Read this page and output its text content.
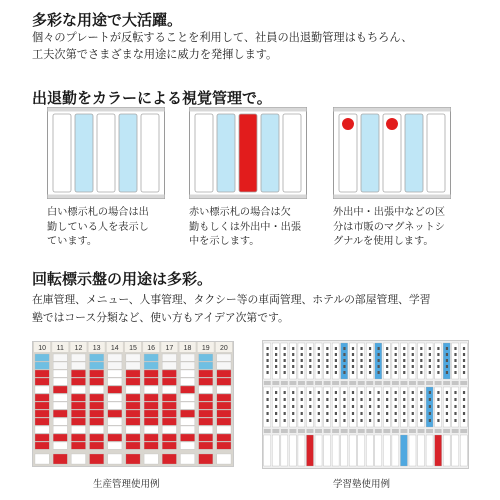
多彩な用途で大活躍。
個々のプレートが反転することを利用して、社員の出退勤管理はもちろん、
工夫次第でさまざまな用途に威力を発揮します。
出退勤をカラーによる視覚管理で。
白い標示札の場合は出
勤している人を表示し
ています。
赤い標示札の場合は欠
勤もしくは外出中・出張
中を示します。
外出中・出張中などの区
分は市販のマグネットシ
グナルを使用します。
回転標示盤の用途は多彩。
在庫管理、メニュー、人事管理、タクシー等の車両管理、ホテルの部屋管理、学習
塾ではコース分類など、使い方もアイデア次第です。
10 11 12 13 14 15 16 17 18 19 20
生産管理使用例	学習塾使用例
